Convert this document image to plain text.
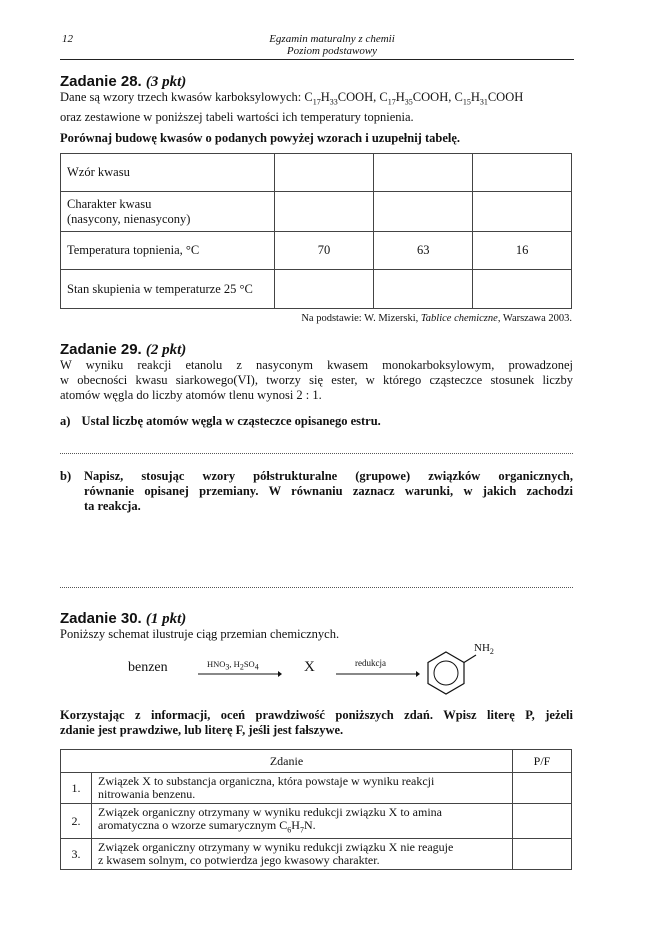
12	Egzamin maturalny z chemii
Poziom podstawowy
Zadanie 28. (3 pkt)
Dane są wzory trzech kwasów karboksylowych: $C_{17}H_{33}COOH$, $C_{17}H_{35}COOH$, $C_{15}H_{31}COOH$
oraz zestawione w poniższej tabeli wartości ich temperatury topnienia.
Porównaj budowę kwasów o podanych powyżej wzorach i uzupełnij tabelę.
Wzór kwasu			
Charakter kwasu
(nasycony, nienasycony)			
Temperatura topnienia, °C	70	63	16
Stan skupienia w temperaturze 25 °C			
Na podstawie: W. Mizerski, Tablice chemiczne, Warszawa 2003.
Zadanie 29. (2 pkt)
W wyniku reakcji etanolu z nasyconym kwasem monokarboksylowym, prowadzonej
w obecności kwasu siarkowego(VI), tworzy się ester, w którego cząsteczce stosunek liczby
atomów węgla do liczby atomów tlenu wynosi 2 : 1.
a) Ustal liczbę atomów węgla w cząsteczce opisanego estru.
b) Napisz, stosując wzory półstrukturalne (grupowe) związków organicznych,
równanie opisanej przemiany. W równaniu zaznacz warunki, w jakich zachodzi
ta reakcja.
Zadanie 30. (1 pkt)
Poniższy schemat ilustruje ciąg przemian chemicznych.
benzen	$HNO_3$, $H_2SO_4$	X	redukcja
$NH_2$
Korzystając z informacji, oceń prawdziwość poniższych zdań. Wpisz literę P, jeżeli
zdanie jest prawdziwe, lub literę F, jeśli jest fałszywe.
Zdanie		P/F
1.	Związek X to substancja organiczna, która powstaje w wyniku reakcji
nitrowania benzenu.	

2.	Związek organiczny otrzymany w wyniku redukcji związku X to amina
aromatyczna o wzorze sumarycznym $C_6H_7N$.	

3.	Związek organiczny otrzymany w wyniku redukcji związku X nie reaguje
z kwasem solnym, co potwierdza jego kwasowy charakter.	
